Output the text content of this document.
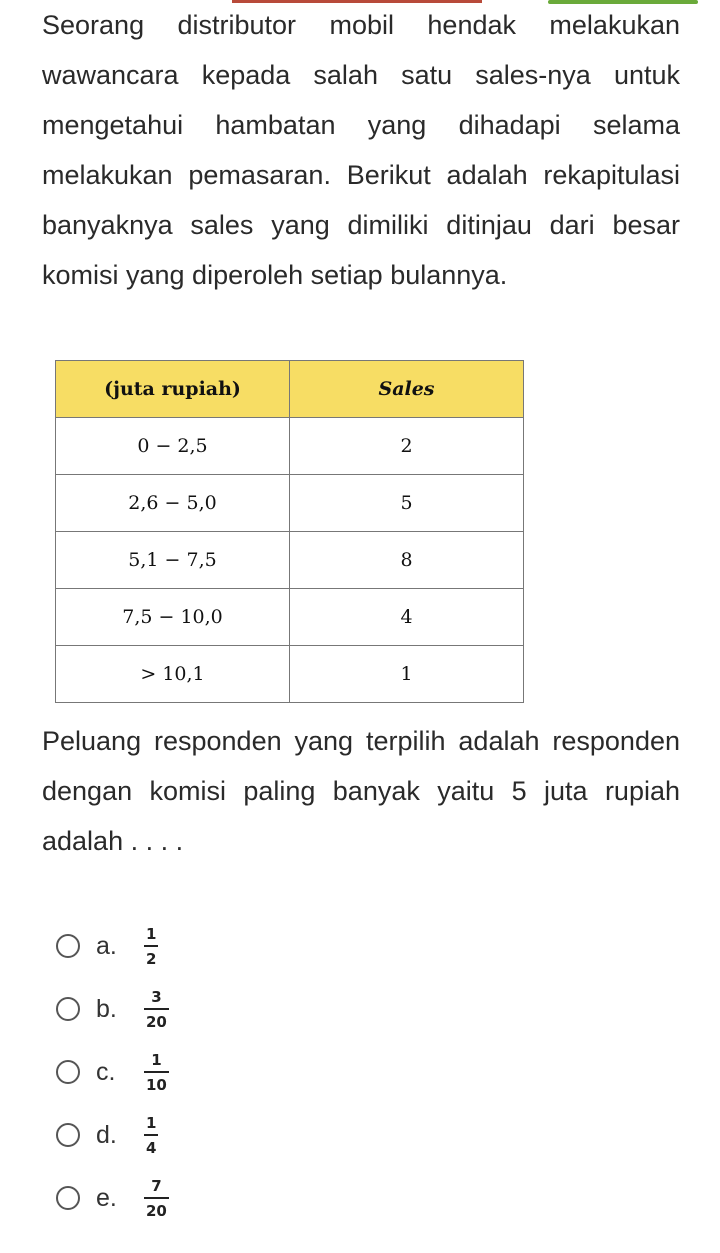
Seorang distributor mobil hendak melakukan wawancara kepada salah satu sales-nya untuk mengetahui hambatan yang dihadapi selama melakukan pemasaran. Berikut adalah rekapitulasi banyaknya sales yang dimiliki ditinjau dari besar komisi yang diperoleh setiap bulannya.

(juta rupiah)	Sales
0 − 2,5	2
2,6 − 5,0	5
5,1 − 7,5	8
7,5 − 10,0	4
> 10,1	1

Peluang responden yang terpilih adalah responden dengan komisi paling banyak yaitu 5 juta rupiah adalah . . . .

a.	$\frac{1}{2}$
b.	$\frac{3}{20}$
c.	$\frac{1}{10}$
d.	$\frac{1}{4}$
e.	$\frac{7}{20}$
